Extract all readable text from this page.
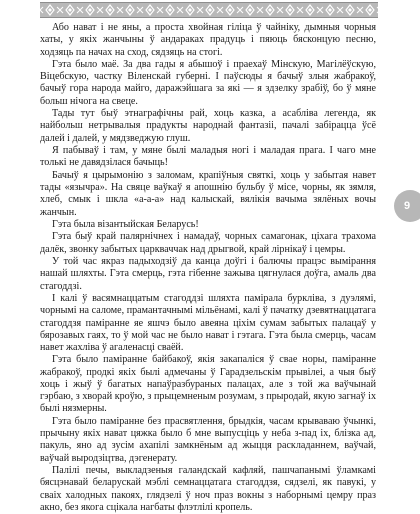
9

Або нават і не яны, а проста хвойная гiлiца ў чайнiку, дымныя чорныя хаты, у якiх жанчыны ў андараках прадуць i пяюць бясконцую песню, ходзяць па начах на сход, сядзяць на стогi.

Гэта было маё. За два гады я абышоў i праехаў Мiнскую, Магiлёўскую, Вiцебскую, частку Вiленскай губернi. І паўсюды я бачыў злыя жабракоў, бачыў гора народа майго, даражэйшага за які — я здзелку зрабiў, бо ў мяне больш нічога на свеце.

Тады тут быў этнаграфiчны рай, хоць казка, а асаблiва легенда, як найбольш нетрывалыя прадукты народнай фантазii, пачалi забiрацца ўсё далей i далей, у мядзведжую глуш.

Я пабываў i там, у мяне былi маладыя ногi i маладая прага. I чаго мне толькi не давядзілася бачыць!

Бачыў я цырымонiю з заломам, крапiўныя святкi, хоць у забытая навет тады «язычра». На свяце ваўкаў я апошнiю бульбу ў мiсе, чорны, як зямля, хлеб, смык i шкла «а-а-а» над калыскай, вялiкiя вачыма зялёных вочы жанчын.

Гэта была вiзантыйская Беларусь!

Гэта быў край палярнiчнех i намадаў, чорных самагонак, цiхага трахома далёк, звонку забытых царкваччак над дрыгвой, край лiрнiкаў i цемры.

У той час якраз падыходзiў да канца доўгi i балючы працэс вымiрання нашай шляхты. Гэта смерць, гэта гiбенне зажыва цягнулася доўга, амаль два стагоддзi.

I калi ў васямнаццатым стагоддзi шляхта памiрала буркліва, з дуэлямі, чорнымi на саломе, прамантачнымi мiльёнамі, калi ў пачатку дзевятнаццатага стагоддзя памiранне яе яшчэ было авеяна цiхiм сумам забытых палацаў у бярозавых гаях, то ў мой час не было нават i гэтага. Гэта была смерць, часам навет жахлiва ў агаленасцi сваёй.

Гэта было памiранне байбакоў, якiя закапалiся ў свае норы, памiранне жабракоў, продкi якiх былi адмечаны ў Гарадзельскiм прывiлеi, а чыя быў хоць i жыў ў багатых напаўразбураных палацах, але з той жа ваўчынай гэрбаю, з хворай кроўю, з прыцемненым розумам, з прыродай, якую загнаў іх былі нязмерны.

Гэта было памiранне без прасвятлення, брыдкiя, часам крываваю ўчынкi, прычыну якiх нават цяжка было б мне выпусцiць у неба з-пад іх, блiзка ад, пакуль, яно ад зусiм ахапiлi замкнёным ад жыцця раскладаннем, ваўчай, ваўчай выродзiцтва, дэгенерату.

Палiлi печы, выкладзеныя галандскай кафляй, пашчапанымi ўламкамi бясцэнавай беларускай мэблi семнаццатага стагоддзя, сядзелi, як павукi, у сваiх халодных пакоях, глядзелi ў ноч праз вокны з наборнымi цемру праз акно, без якога сцiкала нагбаты флэтлiлi кропель.
